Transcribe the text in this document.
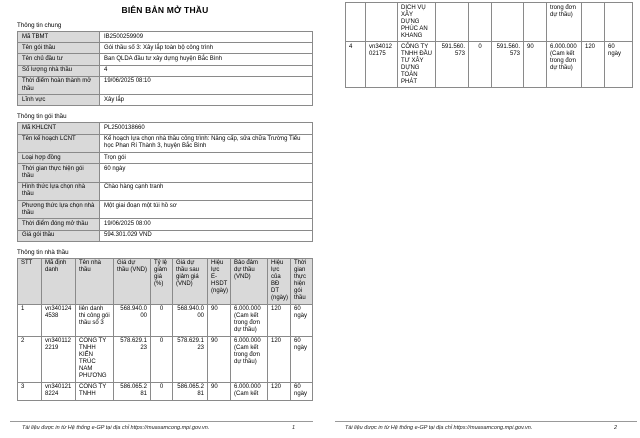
BIÊN BẢN MỞ THẦU
Thông tin chung
Mã TBMT	IB2500259909
Tên gói thầu	Gói thầu số 3: Xây lắp toàn bộ công trình
Tên chủ đầu tư	Ban QLDA đầu tư xây dựng huyện Bắc Bình
Số lượng nhà thầu	4
Thời điểm hoàn thành mở thầu	19/06/2025 08:10
Lĩnh vực	Xây lắp
Thông tin gói thầu
Mã KHLCNT	PL2500138660
Tên kế hoạch LCNT	Kế hoạch lựa chọn nhà thầu công trình: Nâng cấp, sửa chữa Trường Tiểu học Phan Rí Thành 3, huyện Bắc Bình
Loại hợp đồng	Trọn gói
Thời gian thực hiện gói thầu	60 ngày
Hình thức lựa chọn nhà thầu	Chào hàng cạnh tranh
Phương thức lựa chọn nhà thầu	Một giai đoạn một túi hồ sơ
Thời điểm đóng mở thầu	19/06/2025 08:00
Giá gói thầu	594.301.029 VND
Thông tin nhà thầu
STT	Mã định danh	Tên nhà thầu	Giá dự thầu (VND)	Tỷ lệ giảm giá (%)	Giá dự thầu sau giảm giá (VND)	Hiệu lực E-HSDT (ngày)	Bảo đảm dự thầu (VND)	Hiệu lực của BĐ DT (ngày)	Thời gian thực hiện gói thầu
1	vn3401244538	liên danh thi công gói thầu số 3	568.940.000	0	568.940.000	90	6.000.000 (Cam kết trong đơn dự thầu)	120	60 ngày
2	vn3401122219	CÔNG TY TNHH KIẾN TRÚC NAM PHƯƠNG	578.629.123	0	578.629.123	90	6.000.000 (Cam kết trong đơn dự thầu)	120	60 ngày
3	vn3401218224	CÔNG TY TNHH	586.065.281	0	586.065.281	90	6.000.000 (Cam kết	120	60 ngày
Tài liệu được in từ Hệ thống e-GP tại địa chỉ https://muasamcong.mpi.gov.vn.	1
		DỊCH VỤ XÂY DỰNG PHÚC AN KHANG					trong đơn dự thầu)		
4	vn3401202175	CÔNG TY TNHH ĐẦU TƯ XÂY DỰNG TOÀN PHÁT	591.560.573	0	591.560.573	90	6.000.000 (Cam kết trong đơn dự thầu)	120	60 ngày
Tài liệu được in từ Hệ thống e-GP tại địa chỉ https://muasamcong.mpi.gov.vn.	2
